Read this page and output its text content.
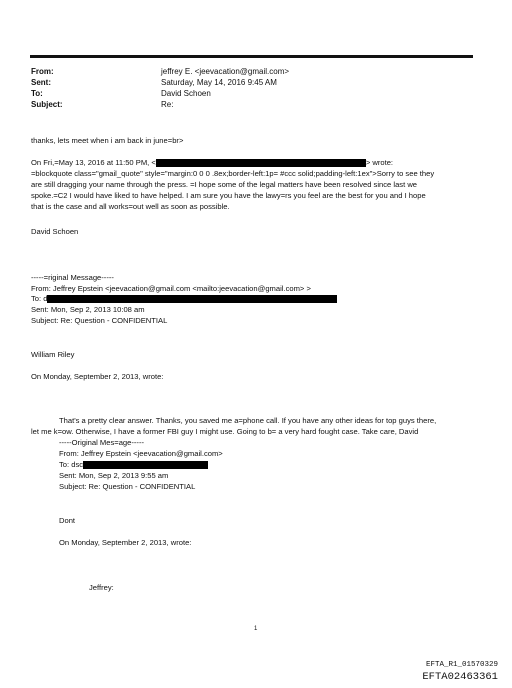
From:	jeffrey E. <jeevacation@gmail.com>
Sent:	Saturday, May 14, 2016 9:45 AM
To:	David Schoen
Subject:	Re:
thanks, lets meet when i am back in june=br>
On Fri,=May 13, 2016 at 11:50 PM, <	> wrote:
=blockquote class="gmail_quote" style="margin:0 0 0 .8ex;border-left:1p= #ccc solid;padding-left:1ex">Sorry to see they
are still dragging your name through the press. =I hope some of the legal matters have been resolved since last we
spoke.=C2 I would have liked to have helped. I am sure you have the lawy=rs you feel are the best for you and I hope
that is the case and all works=out well as soon as possible.
David Schoen
-----=riginal Message-----
From: Jeffrey Epstein <jeevacation@gmail.com <mailto:jeevacation@gmail.com> >
To: d
Sent: Mon, Sep 2, 2013 10:08 am
Subject: Re: Question - CONFIDENTIAL
William Riley
On Monday, September 2, 2013, wrote:
That's a pretty clear answer. Thanks, you saved me a=phone call. If you have any other ideas for top guys there,
let me k=ow. Otherwise, I have a former FBI guy I might use. Going to b= a very hard fought case. Take care, David
-----Original Mes=age-----
From: Jeffrey Epstein <jeevacation@gmail.com>
To: dsc
Sent: Mon, Sep 2, 2013 9:55 am
Subject: Re: Question - CONFIDENTIAL
Dont
On Monday, September 2, 2013, wrote:
Jeffrey:
1
EFTA_R1_01570329
EFTA02463361
